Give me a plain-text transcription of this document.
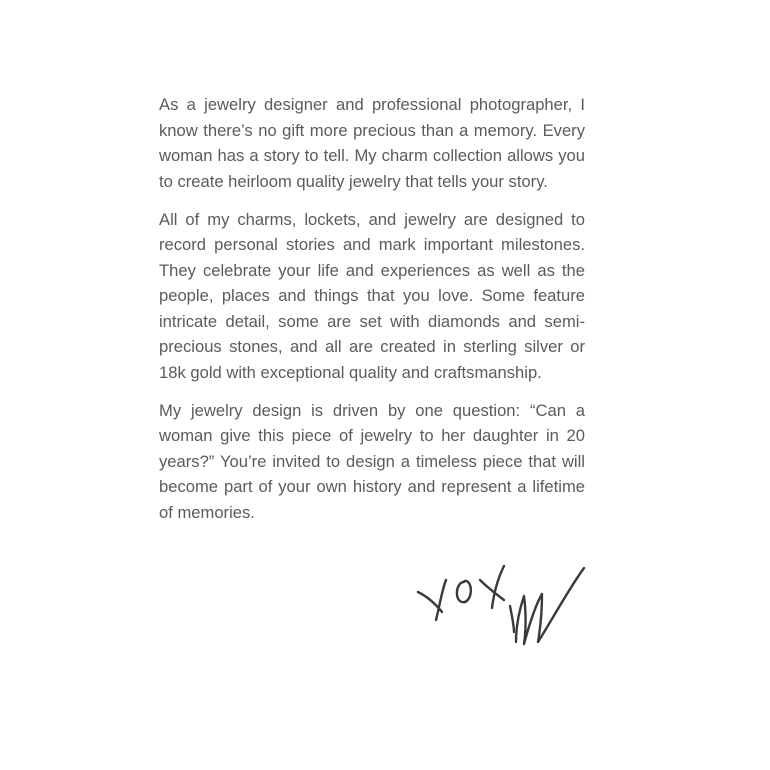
As a jewelry designer and professional photographer, I know there’s no gift more precious than a memory. Every woman has a story to tell. My charm collection allows you to create heirloom quality jewelry that tells your story.

All of my charms, lockets, and jewelry are designed to record personal stories and mark important milestones. They celebrate your life and experiences as well as the people, places and things that you love. Some feature intricate detail, some are set with diamonds and semi-precious stones, and all are created in sterling silver or 18k gold with exceptional quality and craftsmanship.

My jewelry design is driven by one question: “Can a woman give this piece of jewelry to her daughter in 20 years?” You’re invited to design a timeless piece that will become part of your own history and represent a lifetime of memories.
